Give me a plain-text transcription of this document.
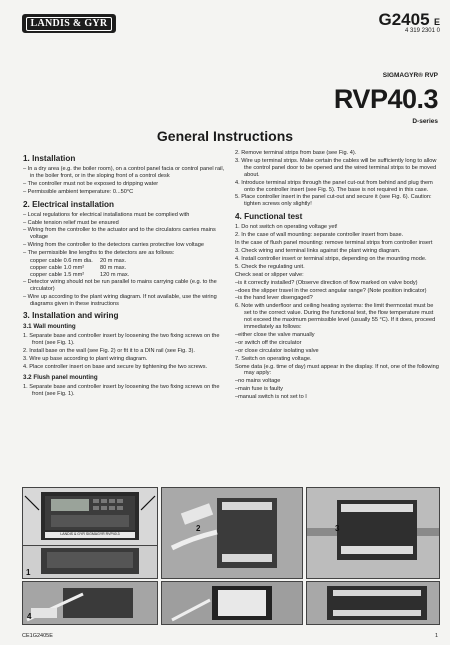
LANDIS & GYR	G2405 E
4 319 2301 0
SIGMAGYR® RVP
RVP40.3
D-series
General Instructions
1. Installation
– In a dry area (e.g. the boiler room), on a control panel facia or control panel rail, in the boiler front, or in the sloping front of a control desk
– The controller must not be exposed to dripping water
– Permissible ambient temperature: 0...50°C
2. Electrical installation
– Local regulations for electrical installations must be complied with
– Cable tension relief must be ensured
– Wiring from the controller to the actuator and to the circulators carries mains voltage
– Wiring from the controller to the detectors carries protective low voltage
– The permissible line lengths to the detectors are as follows:
copper cable 0.6 mm dia.	20 m max.
copper cable 1.0 mm²	80 m max.
copper cable 1.5 mm²	120 m max.
– Detector wiring should not be run parallel to mains carrying cable (e.g. to the circulator)
– Wire up according to the plant wiring diagram. If not available, use the wiring diagrams given in these instructions
3. Installation and wiring
3.1 Wall mounting
1. Separate base and controller insert by loosening the two fixing screws on the front (see Fig. 1).
2. Install base on the wall (see Fig. 2) or fit it to a DIN rail (see Fig. 3).
3. Wire up base according to plant wiring diagram.
4. Place controller insert on base and secure by tightening the two screws.
3.2 Flush panel mounting
1. Separate base and controller insert by loosening the two fixing screws on the front (see Fig. 1).
2. Remove terminal strips from base (see Fig. 4).
3. Wire up terminal strips. Make certain the cables will be sufficiently long to allow the control panel door to be opened and the wired terminal strips to be moved about.
4. Introduce terminal strips through the panel cut-out from behind and plug them onto the controller insert (see Fig. 5). The base is not required in this case.
5. Place controller insert in the panel cut-out and secure it (see Fig. 6). Caution: tighten screws only slightly!
4. Functional test
1. Do not switch on operating voltage yet!
2. In the case of wall mounting: separate controller insert from base.
In the case of flush panel mounting: remove terminal strips from controller insert
3. Check wiring and terminal links against the plant wiring diagram.
4. Install controller insert or terminal strips, depending on the mounting mode.
5. Check the regulating unit.
Check seat or slipper valve:
–is it correctly installed? (Observe direction of flow marked on valve body)
–does the slipper travel in the correct angular range? (Note position indicator)
–is the hand lever disengaged?
6. Note with underfloor and ceiling heating systems: the limit thermostat must be set to the correct value. During the functional test, the flow temperature must not exceed the maximum permissible level (usually 55 °C). If it does, proceed immediately as follows:
–either close the valve manually
–or switch off the circulator
–or close circulator isolating valve
7. Switch on operating voltage.
Some data (e.g. time of day) must appear in the display. If not, one of the following may apply:
–no mains voltage
–main fuse is faulty
–manual switch is not set to I
LANDIS & GYR SIGMAGYR RVP40.3
1
2	3
4
CE1G2405E	1
